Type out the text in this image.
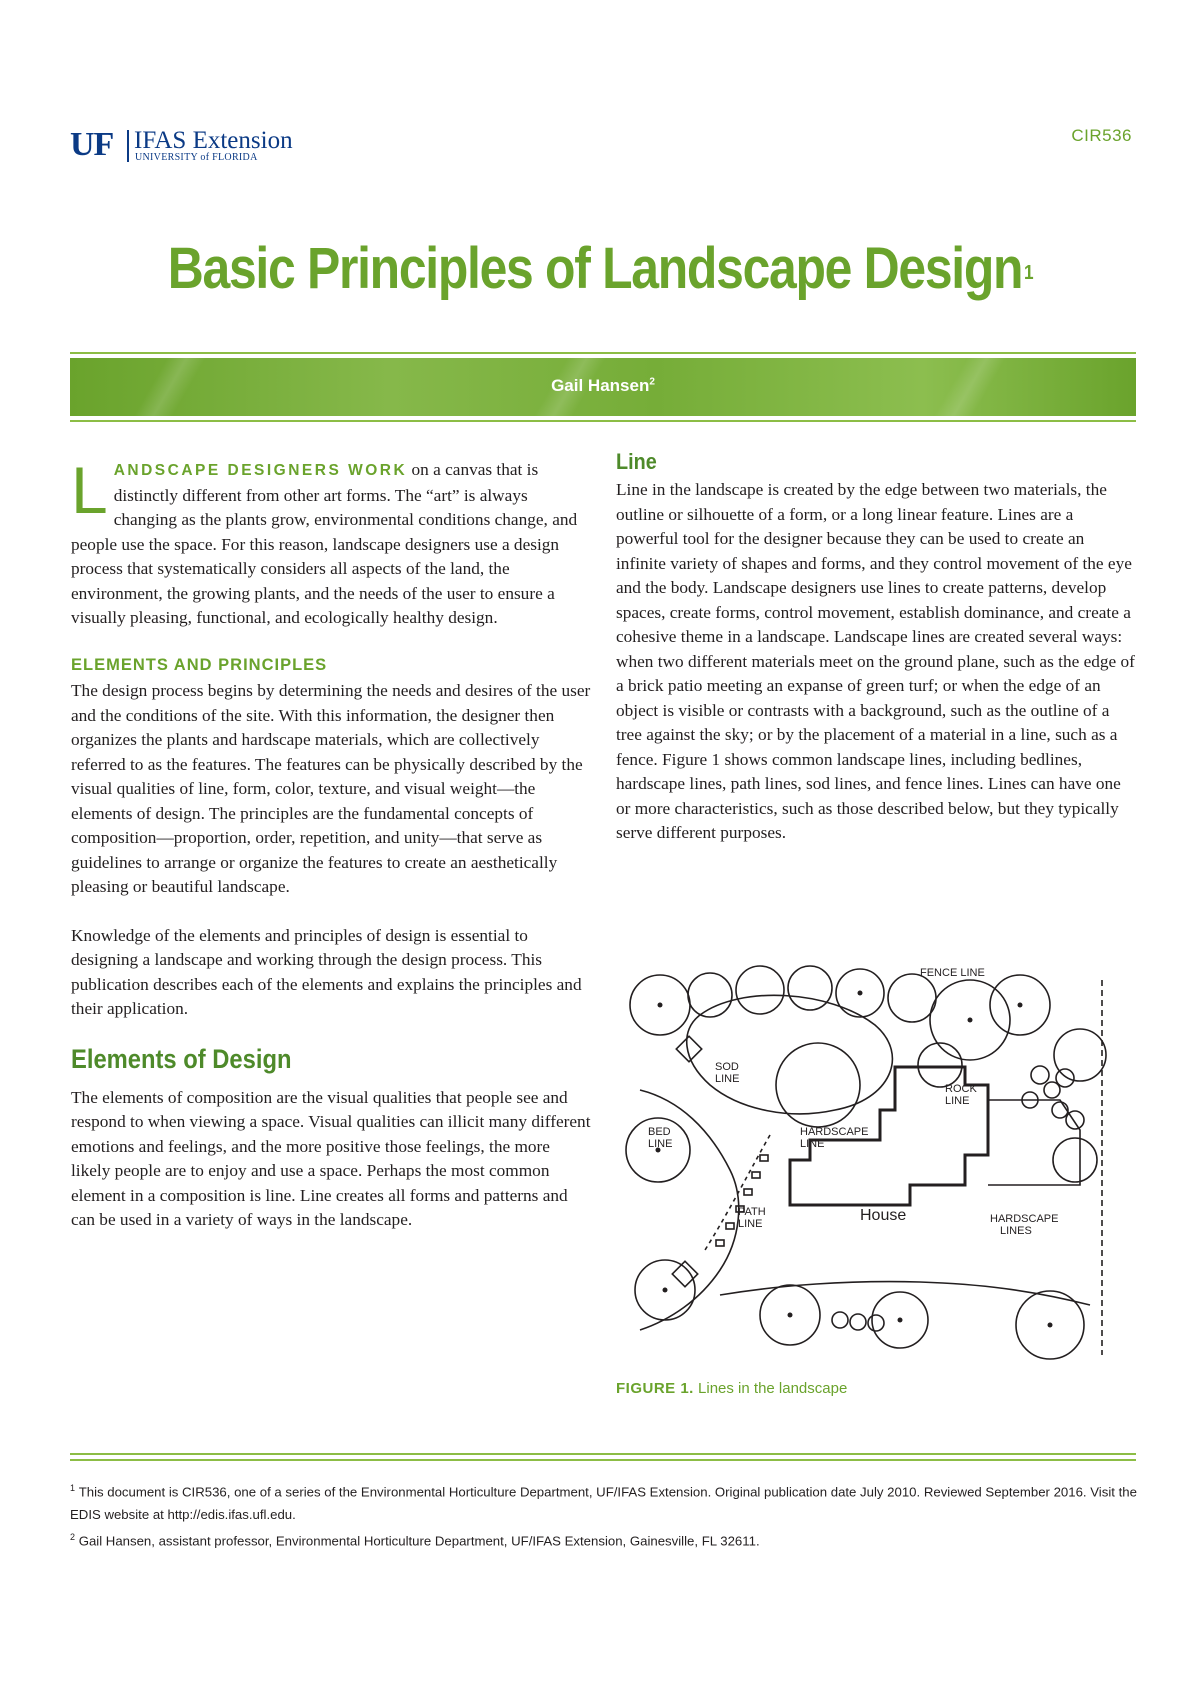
UF IFAS Extension
UNIVERSITY of FLORIDA
CIR536
Basic Principles of Landscape Design$^1$
Gail Hansen$^2$

LANDSCAPE DESIGNERS WORK on a canvas that is distinctly different from other art forms. The “art” is always changing as the plants grow, environmental conditions change, and people use the space. For this reason, landscape designers use a design process that systematically considers all aspects of the land, the environment, the growing plants, and the needs of the user to ensure a visually pleasing, functional, and ecologically healthy design.

ELEMENTS AND PRINCIPLES

The design process begins by determining the needs and desires of the user and the conditions of the site. With this information, the designer then organizes the plants and hardscape materials, which are collectively referred to as the features. The features can be physically described by the visual qualities of line, form, color, texture, and visual weight—the elements of design. The principles are the fundamental concepts of composition—proportion, order, repetition, and unity—that serve as guidelines to arrange or organize the features to create an aesthetically pleasing or beautiful landscape.

Knowledge of the elements and principles of design is essential to designing a landscape and working through the design process. This publication describes each of the elements and explains the principles and their application.

Elements of Design

The elements of composition are the visual qualities that people see and respond to when viewing a space. Visual qualities can illicit many different emotions and feelings, and the more positive those feelings, the more likely people are to enjoy and use a space. Perhaps the most common element in a composition is line. Line creates all forms and patterns and can be used in a variety of ways in the landscape.

Line

Line in the landscape is created by the edge between two materials, the outline or silhouette of a form, or a long linear feature. Lines are a powerful tool for the designer because they can be used to create an infinite variety of shapes and forms, and they control movement of the eye and the body. Landscape designers use lines to create patterns, develop spaces, create forms, control movement, establish dominance, and create a cohesive theme in a landscape. Landscape lines are created several ways: when two different materials meet on the ground plane, such as the edge of a brick patio meeting an expanse of green turf; or when the edge of an object is visible or contrasts with a background, such as the outline of a tree against the sky; or by the placement of a material in a line, such as a fence. Figure 1 shows common landscape lines, including bedlines, hardscape lines, path lines, sod lines, and fence lines. Lines can have one or more characteristics, such as those described below, but they typically serve different purposes.

FENCE LINE
SOD
LINE
ROCK
LINE
BED
LINE
HARDSCAPE
LINE
PATH
LINE	House	HARDSCAPE
LINES
FIGURE 1. Lines in the landscape

$^1$ This document is CIR536, one of a series of the Environmental Horticulture Department, UF/IFAS Extension. Original publication date July 2010. Reviewed September 2016. Visit the EDIS website at http://edis.ifas.ufl.edu.

$^2$ Gail Hansen, assistant professor, Environmental Horticulture Department, UF/IFAS Extension, Gainesville, FL 32611.
